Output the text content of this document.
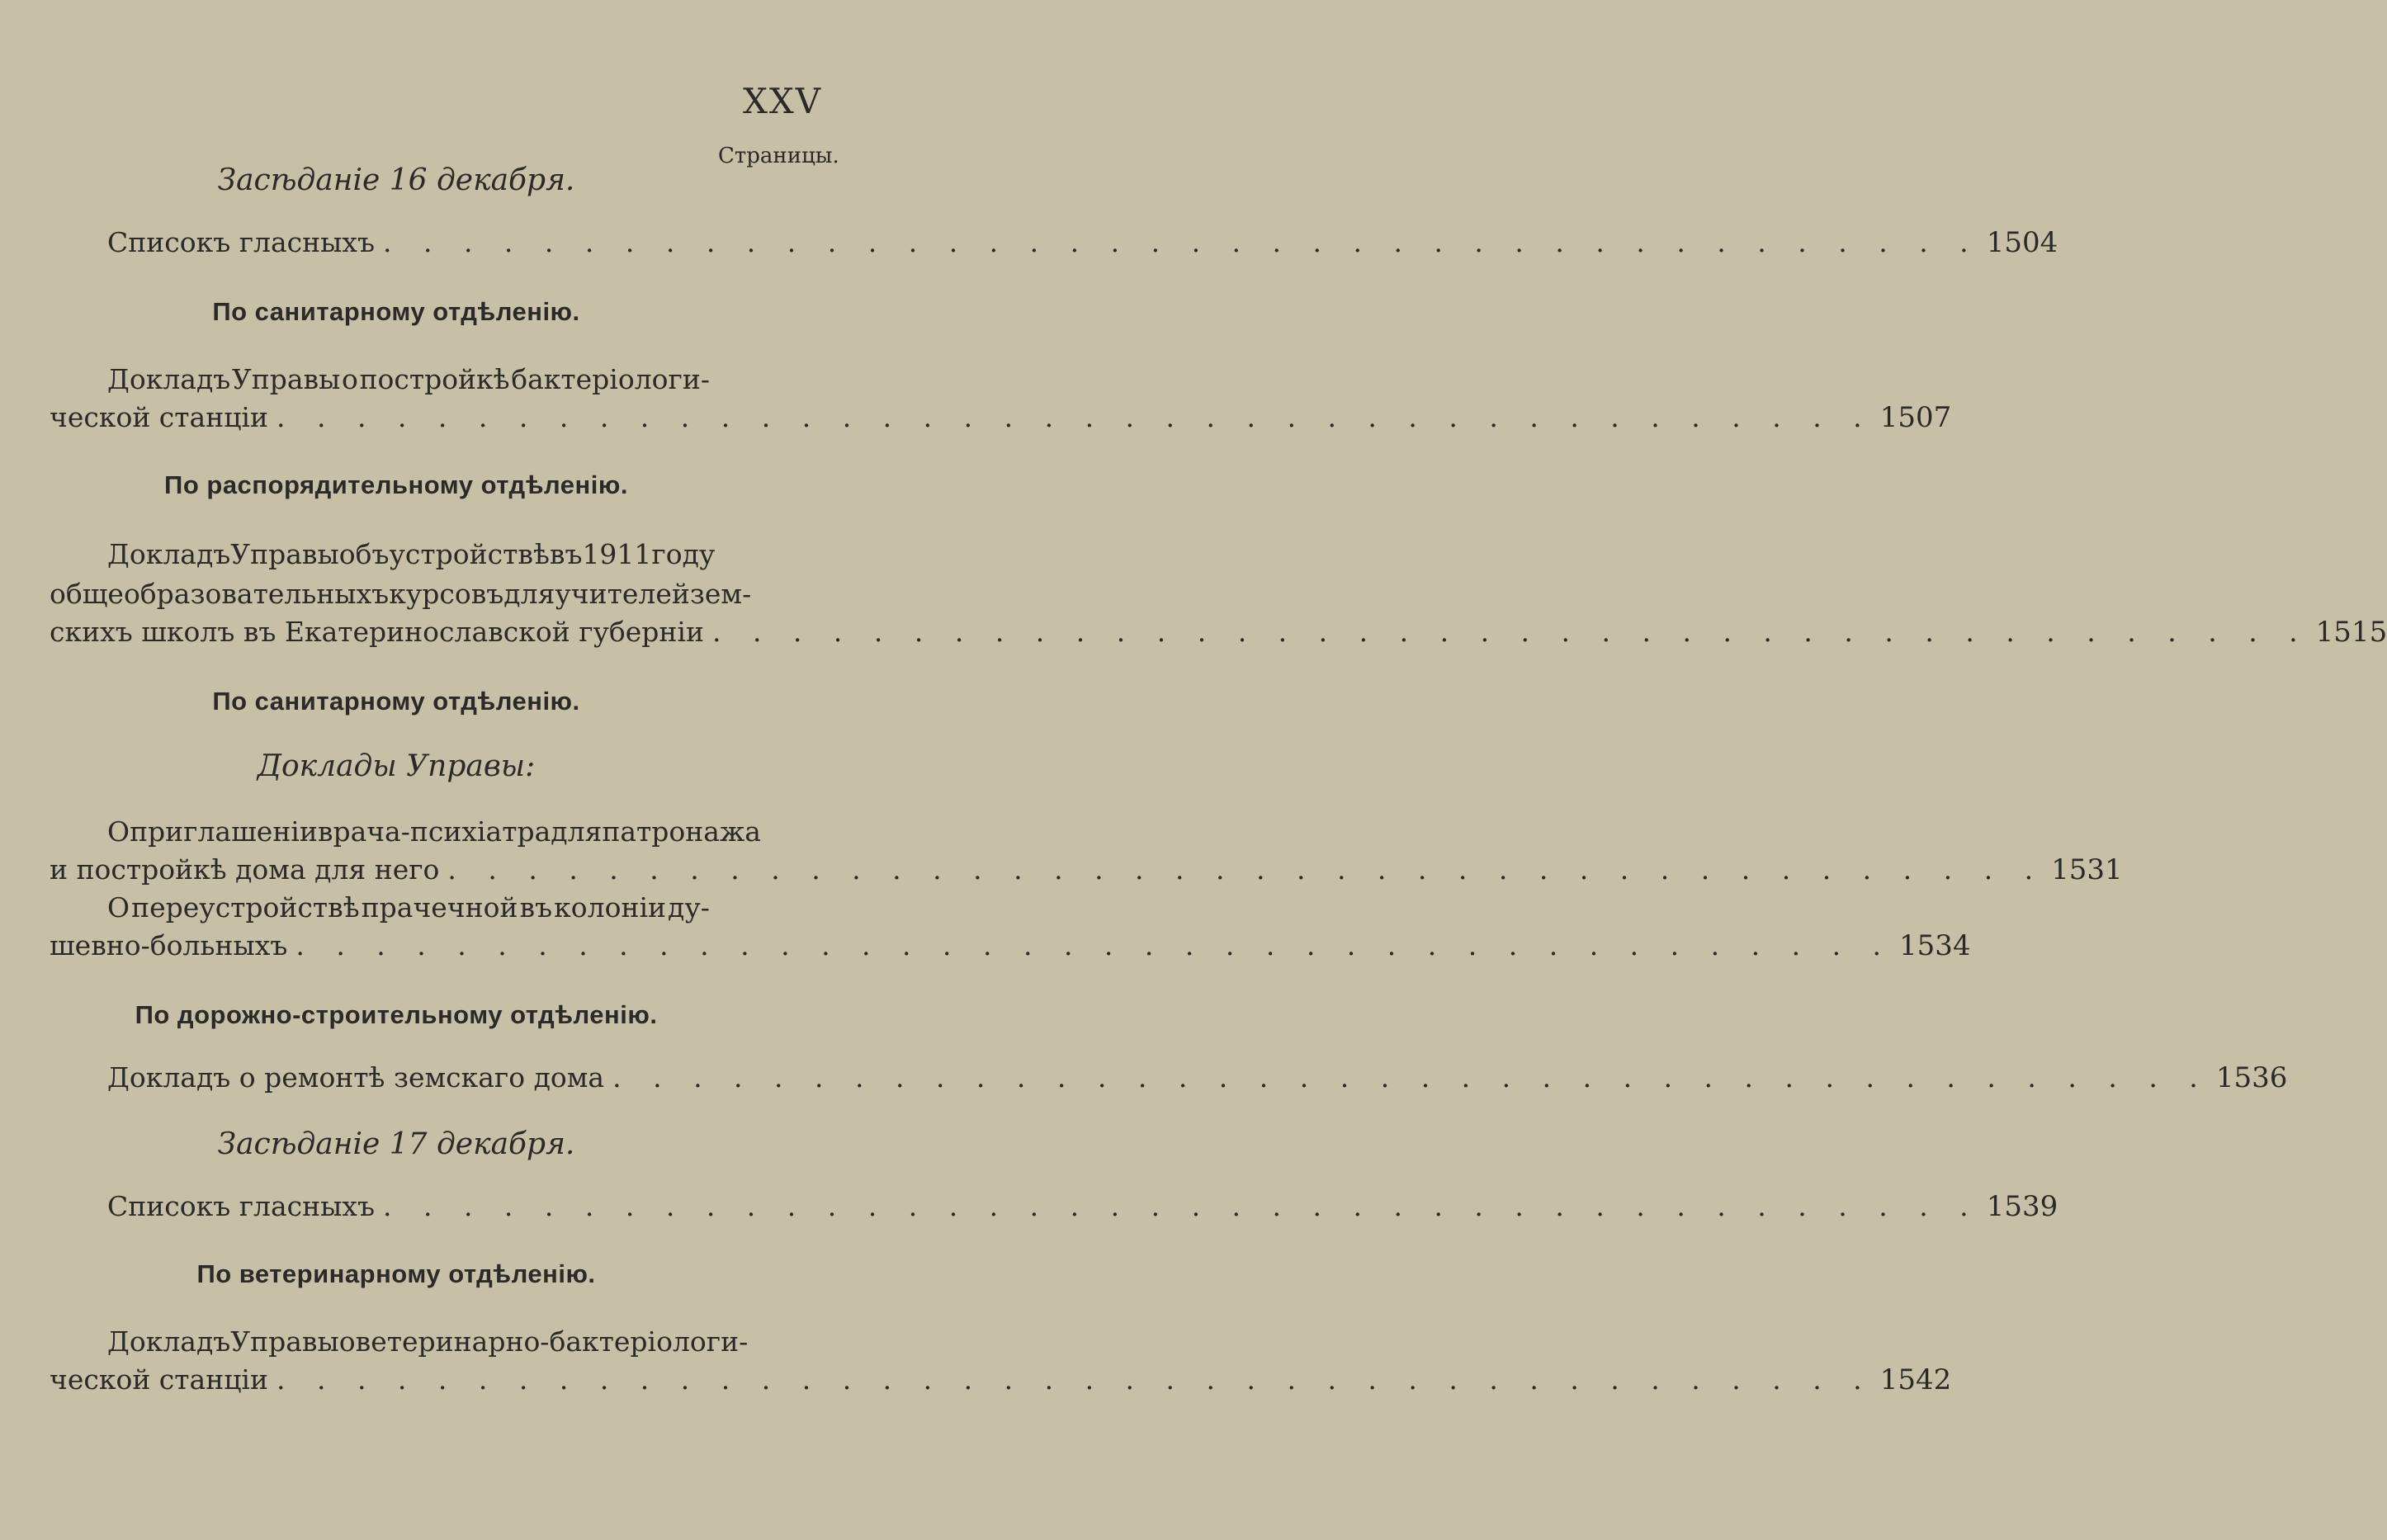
XXV
Страницы.
Засѣданіе 16 декабря.
Списокъ гласныхъ . . . . . . . . . . . . . . . . . . . . . . . . . . . . . . . . . . . . . . . . 1504
По санитарному отдѣленію.
Докладъ Управы о постройкѣ бактеріологи-
ческой станціи . . . . . . . . . . . . . . . . . . . . . . . . . . . . . . . . . . . . . . . . 1507
По распорядительному отдѣленію.
Докладъ Управы объ устройствѣ въ 1911 году
общеобразовательныхъ курсовъ для учителей зем-
скихъ школъ въ Екатеринославской губерніи . . . . . . . . . . . . . . . . . . . . . . . . . . . . . . . . . . . . . . . . 1515
По санитарному отдѣленію.
Доклады Управы:
О приглашеніи врача-психіатра для патронажа
и постройкѣ дома для него . . . . . . . . . . . . . . . . . . . . . . . . . . . . . . . . . . . . . . . . 1531
О переустройствѣ прачечной въ колоніи ду-
шевно-больныхъ . . . . . . . . . . . . . . . . . . . . . . . . . . . . . . . . . . . . . . . . 1534
По дорожно-строительному отдѣленію.
Докладъ о ремонтѣ земскаго дома . . . . . . . . . . . . . . . . . . . . . . . . . . . . . . . . . . . . . . . . 1536
Засѣданіе 17 декабря.
Списокъ гласныхъ . . . . . . . . . . . . . . . . . . . . . . . . . . . . . . . . . . . . . . . . 1539
По ветеринарному отдѣленію.
Докладъ Управы о ветеринарно-бактеріологи-
ческой станціи . . . . . . . . . . . . . . . . . . . . . . . . . . . . . . . . . . . . . . . . 1542
